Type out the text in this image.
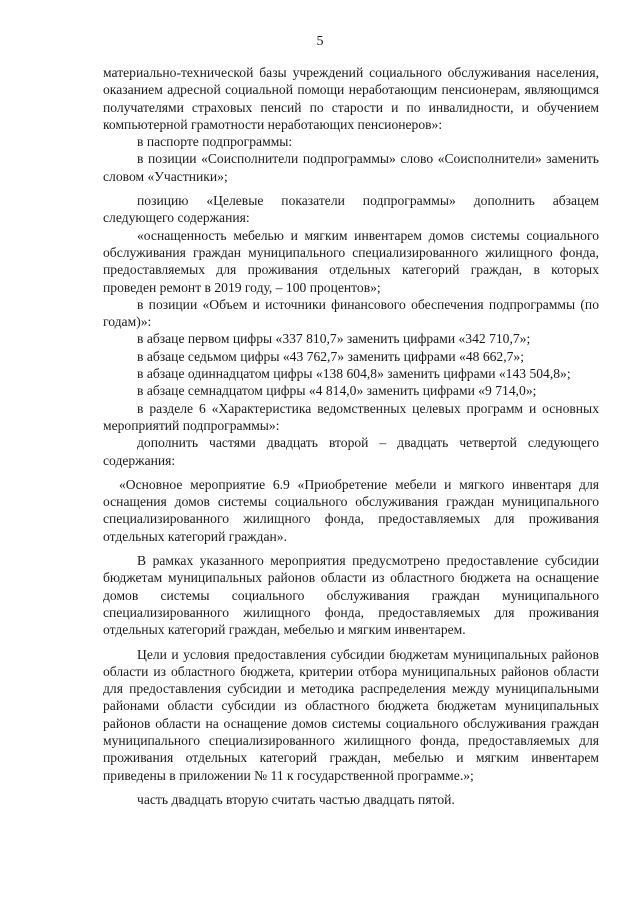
5

материально-технической базы учреждений социального обслуживания населения, оказанием адресной социальной помощи неработающим пенсионерам, являющимся получателями страховых пенсий по старости и по инвалидности, и обучением компьютерной грамотности неработающих пенсионеров»:

в паспорте подпрограммы:

в позиции «Соисполнители подпрограммы» слово «Соисполнители» заменить словом «Участники»;

позицию «Целевые показатели подпрограммы» дополнить абзацем следующего содержания:

«оснащенность мебелью и мягким инвентарем домов системы социального обслуживания граждан муниципального специализированного жилищного фонда, предоставляемых для проживания отдельных категорий граждан, в которых проведен ремонт в 2019 году, – 100 процентов»;

в позиции «Объем и источники финансового обеспечения подпрограммы (по годам)»:

в абзаце первом цифры «337 810,7» заменить цифрами «342 710,7»;

в абзаце седьмом цифры «43 762,7» заменить цифрами «48 662,7»;

в абзаце одиннадцатом цифры «138 604,8» заменить цифрами «143 504,8»;

в абзаце семнадцатом цифры «4 814,0» заменить цифрами «9 714,0»;

в разделе 6 «Характеристика ведомственных целевых программ и основных мероприятий подпрограммы»:

дополнить частями двадцать второй – двадцать четвертой следующего содержания:

«Основное мероприятие 6.9 «Приобретение мебели и мягкого инвентаря для оснащения домов системы социального обслуживания граждан муниципального специализированного жилищного фонда, предоставляемых для проживания отдельных категорий граждан».

В рамках указанного мероприятия предусмотрено предоставление субсидии бюджетам муниципальных районов области из областного бюджета на оснащение домов системы социального обслуживания граждан муниципального специализированного жилищного фонда, предоставляемых для проживания отдельных категорий граждан, мебелью и мягким инвентарем.

Цели и условия предоставления субсидии бюджетам муниципальных районов области из областного бюджета, критерии отбора муниципальных районов области для предоставления субсидии и методика распределения между муниципальными районами области субсидии из областного бюджета бюджетам муниципальных районов области на оснащение домов системы социального обслуживания граждан муниципального специализированного жилищного фонда, предоставляемых для проживания отдельных категорий граждан, мебелью и мягким инвентарем приведены в приложении № 11 к государственной программе.»;

часть двадцать вторую считать частью двадцать пятой.
